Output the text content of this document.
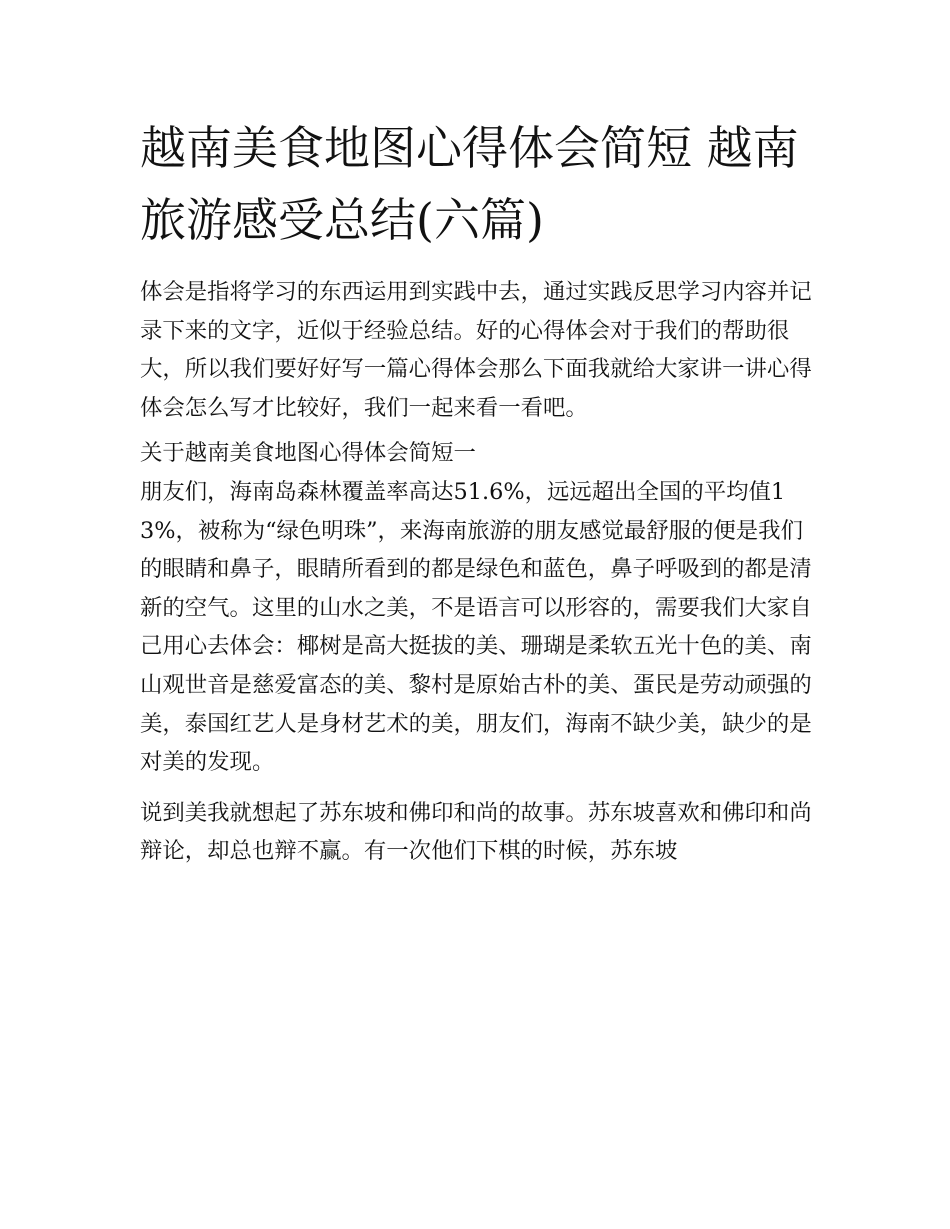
越南美食地图心得体会简短 越南旅游感受总结(六篇)

体会是指将学习的东西运用到实践中去，通过实践反思学习内容并记录下来的文字，近似于经验总结。好的心得体会对于我们的帮助很大，所以我们要好好写一篇心得体会那么下面我就给大家讲一讲心得体会怎么写才比较好，我们一起来看一看吧。

关于越南美食地图心得体会简短一

朋友们，海南岛森林覆盖率高达51.6%，远远超出全国的平均值13%，被称为“绿色明珠”，来海南旅游的朋友感觉最舒服的便是我们的眼睛和鼻子，眼睛所看到的都是绿色和蓝色，鼻子呼吸到的都是清新的空气。这里的山水之美，不是语言可以形容的，需要我们大家自己用心去体会：椰树是高大挺拔的美、珊瑚是柔软五光十色的美、南山观世音是慈爱富态的美、黎村是原始古朴的美、蛋民是劳动顽强的美，泰国红艺人是身材艺术的美，朋友们，海南不缺少美，缺少的是对美的发现。

说到美我就想起了苏东坡和佛印和尚的故事。苏东坡喜欢和佛印和尚辩论，却总也辩不赢。有一次他们下棋的时候，苏东坡
